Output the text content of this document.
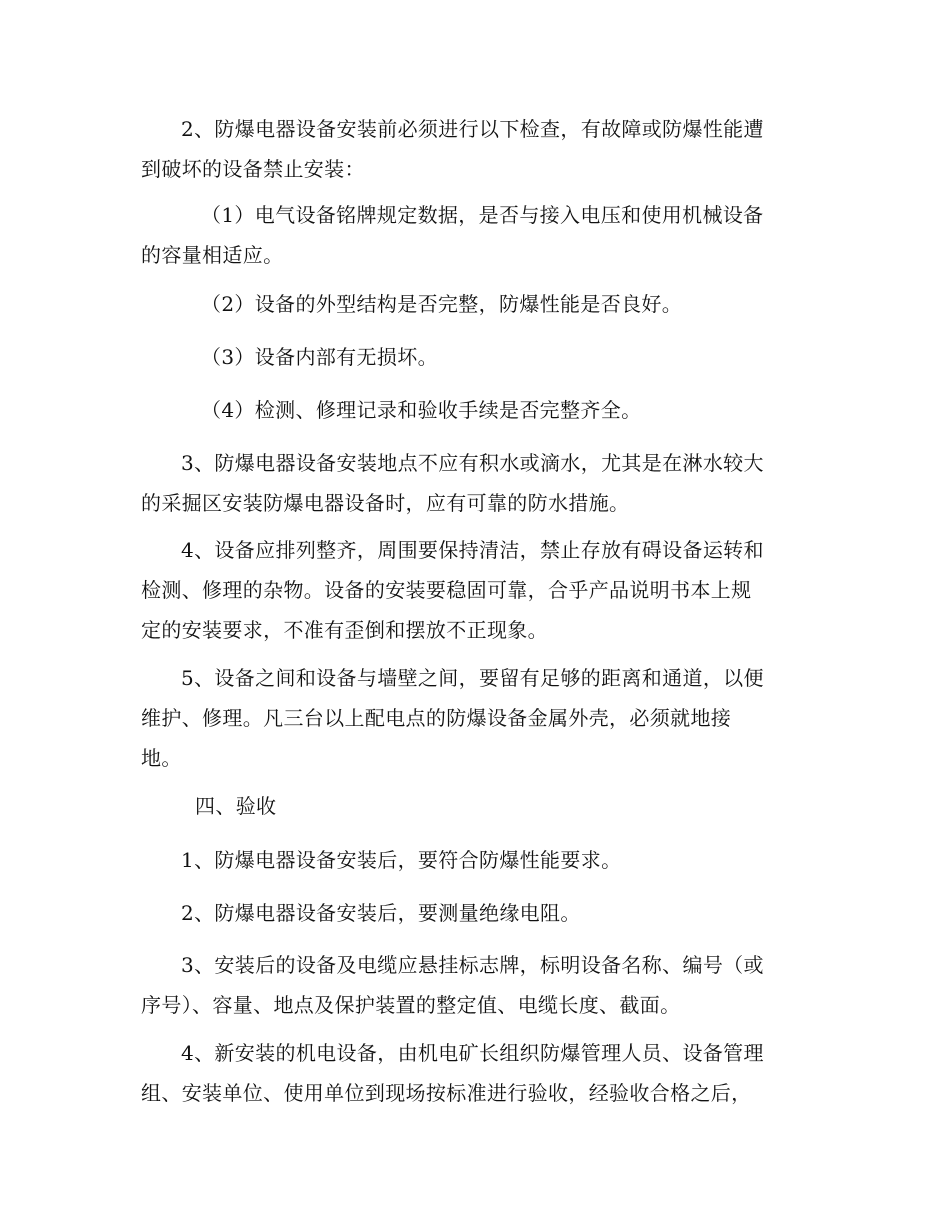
2、防爆电器设备安装前必须进行以下检查，有故障或防爆性能遭
到破坏的设备禁止安装：

（1）电气设备铭牌规定数据，是否与接入电压和使用机械设备
的容量相适应。

（2）设备的外型结构是否完整，防爆性能是否良好。

（3）设备内部有无损坏。

（4）检测、修理记录和验收手续是否完整齐全。

3、防爆电器设备安装地点不应有积水或滴水，尤其是在淋水较大
的采掘区安装防爆电器设备时，应有可靠的防水措施。

4、设备应排列整齐，周围要保持清洁，禁止存放有碍设备运转和
检测、修理的杂物。设备的安装要稳固可靠，合乎产品说明书本上规
定的安装要求，不准有歪倒和摆放不正现象。

5、设备之间和设备与墙壁之间，要留有足够的距离和通道，以便
维护、修理。凡三台以上配电点的防爆设备金属外壳，必须就地接
地。

四、验收

1、防爆电器设备安装后，要符合防爆性能要求。

2、防爆电器设备安装后，要测量绝缘电阻。

3、安装后的设备及电缆应悬挂标志牌，标明设备名称、编号（或
序号）、容量、地点及保护装置的整定值、电缆长度、截面。

4、新安装的机电设备，由机电矿长组织防爆管理人员、设备管理
组、安装单位、使用单位到现场按标准进行验收，经验收合格之后，
